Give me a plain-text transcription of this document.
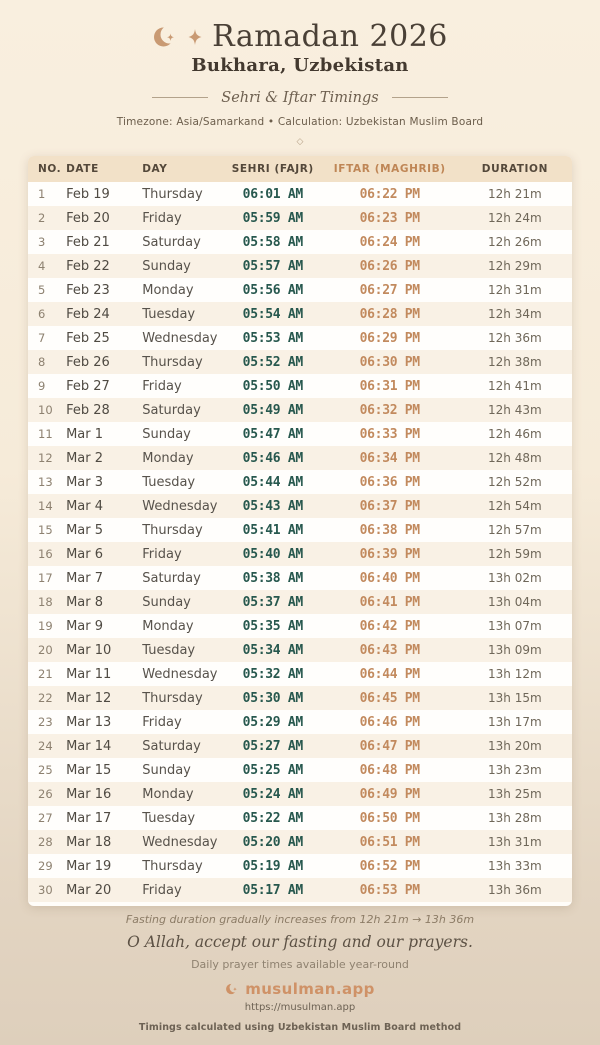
Ramadan 2026
Bukhara, Uzbekistan
Sehri & Iftar Timings
Timezone: Asia/Samarkand • Calculation: Uzbekistan Muslim Board
◇
NO.	DATE	DAY	SEHRI (FAJR)	IFTAR (MAGHRIB)	DURATION
1	Feb 19	Thursday	06:01 AM	06:22 PM	12h 21m
2	Feb 20	Friday	05:59 AM	06:23 PM	12h 24m
3	Feb 21	Saturday	05:58 AM	06:24 PM	12h 26m
4	Feb 22	Sunday	05:57 AM	06:26 PM	12h 29m
5	Feb 23	Monday	05:56 AM	06:27 PM	12h 31m
6	Feb 24	Tuesday	05:54 AM	06:28 PM	12h 34m
7	Feb 25	Wednesday	05:53 AM	06:29 PM	12h 36m
8	Feb 26	Thursday	05:52 AM	06:30 PM	12h 38m
9	Feb 27	Friday	05:50 AM	06:31 PM	12h 41m
10	Feb 28	Saturday	05:49 AM	06:32 PM	12h 43m
11	Mar 1	Sunday	05:47 AM	06:33 PM	12h 46m
12	Mar 2	Monday	05:46 AM	06:34 PM	12h 48m
13	Mar 3	Tuesday	05:44 AM	06:36 PM	12h 52m
14	Mar 4	Wednesday	05:43 AM	06:37 PM	12h 54m
15	Mar 5	Thursday	05:41 AM	06:38 PM	12h 57m
16	Mar 6	Friday	05:40 AM	06:39 PM	12h 59m
17	Mar 7	Saturday	05:38 AM	06:40 PM	13h 02m
18	Mar 8	Sunday	05:37 AM	06:41 PM	13h 04m
19	Mar 9	Monday	05:35 AM	06:42 PM	13h 07m
20	Mar 10	Tuesday	05:34 AM	06:43 PM	13h 09m
21	Mar 11	Wednesday	05:32 AM	06:44 PM	13h 12m
22	Mar 12	Thursday	05:30 AM	06:45 PM	13h 15m
23	Mar 13	Friday	05:29 AM	06:46 PM	13h 17m
24	Mar 14	Saturday	05:27 AM	06:47 PM	13h 20m
25	Mar 15	Sunday	05:25 AM	06:48 PM	13h 23m
26	Mar 16	Monday	05:24 AM	06:49 PM	13h 25m
27	Mar 17	Tuesday	05:22 AM	06:50 PM	13h 28m
28	Mar 18	Wednesday	05:20 AM	06:51 PM	13h 31m
29	Mar 19	Thursday	05:19 AM	06:52 PM	13h 33m
30	Mar 20	Friday	05:17 AM	06:53 PM	13h 36m
Fasting duration gradually increases from 12h 21m → 13h 36m
O Allah, accept our fasting and our prayers.
Daily prayer times available year-round
musulman.app
https://musulman.app
Timings calculated using Uzbekistan Muslim Board method
